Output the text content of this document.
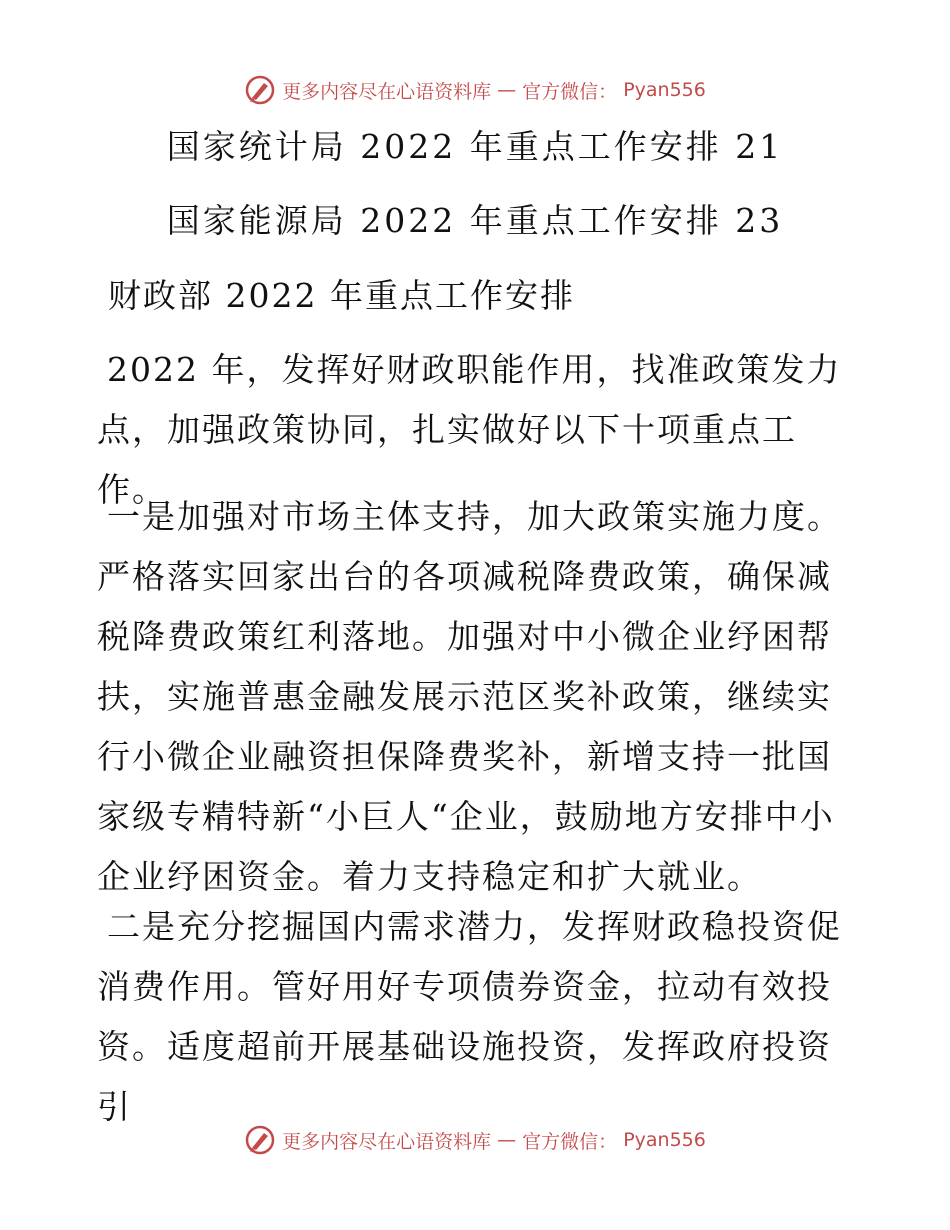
更多内容尽在心语资料库 — 官方微信： Pyan556
国家统计局 2022 年重点工作安排 21
国家能源局 2022 年重点工作安排 23
财政部 2022 年重点工作安排

2022 年，发挥好财政职能作用，找准政策发力点，加强政策协同，扎实做好以下十项重点工作。

一是加强对市场主体支持，加大政策实施力度。严格落实回家出台的各项减税降费政策，确保减税降费政策红利落地。加强对中小微企业纾困帮扶，实施普惠金融发展示范区奖补政策，继续实行小微企业融资担保降费奖补，新增支持一批国家级专精特新“小巨人“企业，鼓励地方安排中小企业纾困资金。着力支持稳定和扩大就业。

二是充分挖掘国内需求潜力，发挥财政稳投资促消费作用。管好用好专项债券资金，拉动有效投资。适度超前开展基础设施投资，发挥政府投资引

更多内容尽在心语资料库 — 官方微信： Pyan556
